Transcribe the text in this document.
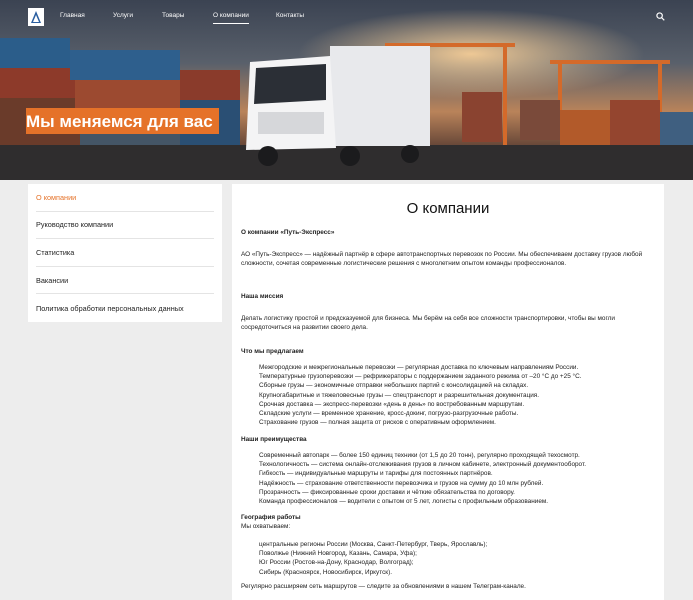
Главная	Услуги	Товары	О компании	Контакты
Мы меняемся для вас
О компании
Руководство компании
Статистика
Вакансии
Политика обработки персональных данных
О компании
О компании «Путь-Экспресс»
АО «Путь-Экспресс» — надёжный партнёр в сфере автотранспортных перевозок по России. Мы обеспечиваем доставку грузов любой сложности, сочетая современные логистические решения с многолетним опытом команды профессионалов.
Наша миссия
Делать логистику простой и предсказуемой для бизнеса. Мы берём на себя все сложности транспортировки, чтобы вы могли сосредоточиться на развитии своего дела.
Что мы предлагаем
Межгородские и межрегиональные перевозки — регулярная доставка по ключевым направлениям России.
Температурные грузоперевозки — рефрижераторы с поддержанием заданного режима от –20 °C до +25 °C.
Сборные грузы — экономичные отправки небольших партий с консолидацией на складах.
Крупногабаритные и тяжеловесные грузы — спецтранспорт и разрешительная документация.
Срочная доставка — экспресс-перевозки «день в день» по востребованным маршрутам.
Складские услуги — временное хранение, кросс-докинг, погрузо-разгрузочные работы.
Страхование грузов — полная защита от рисков с оперативным оформлением.
Наши преимущества
Современный автопарк — более 150 единиц техники (от 1,5 до 20 тонн), регулярно проходящей техосмотр.
Технологичность — система онлайн-отслеживания грузов в личном кабинете, электронный документооборот.
Гибкость — индивидуальные маршруты и тарифы для постоянных партнёров.
Надёжность — страхование ответственности перевозчика и грузов на сумму до 10 млн рублей.
Прозрачность — фиксированные сроки доставки и чёткие обязательства по договору.
Команда профессионалов — водители с опытом от 5 лет, логисты с профильным образованием.
География работы
Мы охватываем:
центральные регионы России (Москва, Санкт-Петербург, Тверь, Ярославль);
Поволжье (Нижний Новгород, Казань, Самара, Уфа);
Юг России (Ростов-на-Дону, Краснодар, Волгоград);
Сибирь (Красноярск, Новосибирск, Иркутск).
Регулярно расширяем сеть маршрутов — следите за обновлениями в нашем Телеграм-канале.
